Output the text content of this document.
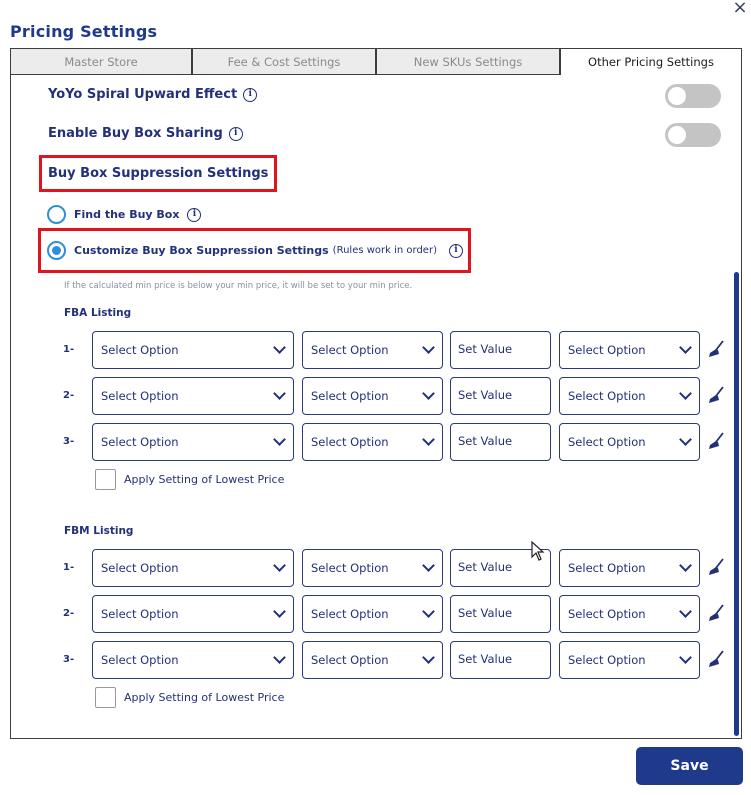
×
Pricing Settings
Master Store	Fee & Cost Settings	New SKUs Settings	Other Pricing Settings
YoYo Spiral Upward Effect	i
Enable Buy Box Sharing	i
Buy Box Suppression Settings
Find the Buy Box	i
Customize Buy Box Suppression Settings (Rules work in order)	i
If the calculated min price is below your min price, it will be set to your min price.
FBA Listing
1- Select Option	Select Option	Set Value	Select Option
2- Select Option	Select Option	Set Value	Select Option
3- Select Option	Select Option	Set Value	Select Option
Apply Setting of Lowest Price
FBM Listing
1- Select Option	Select Option	Set Value	Select Option
2- Select Option	Select Option	Set Value	Select Option
3- Select Option	Select Option	Set Value	Select Option
Apply Setting of Lowest Price
Save
